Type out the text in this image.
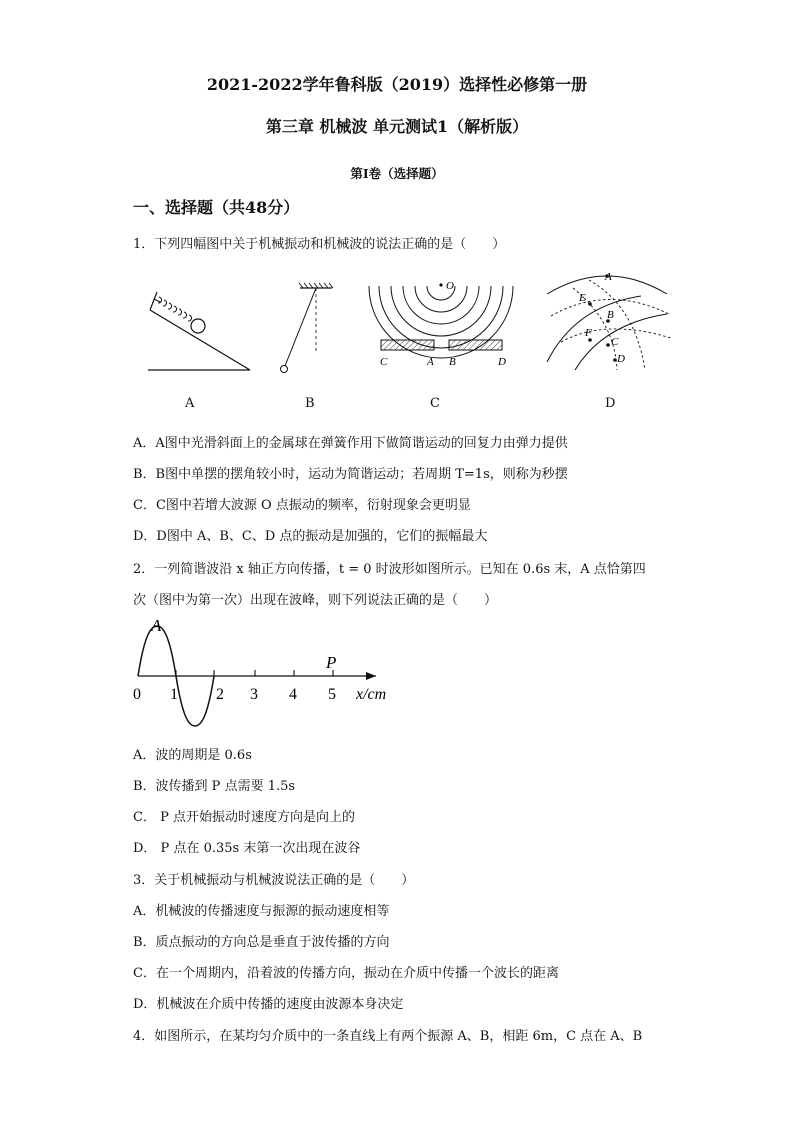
2021-2022学年鲁科版（2019）选择性必修第一册
第三章 机械波 单元测试1（解析版）
第Ⅰ卷（选择题）
一、选择题（共48分）
1．下列四幅图中关于机械振动和机械波的说法正确的是（　　）
A	B
O
C	A B	D
C
A
E
B
F
C
D
D
A．A图中光滑斜面上的金属球在弹簧作用下做简谐运动的回复力由弹力提供
B．B图中单摆的摆角较小时，运动为简谐运动；若周期 T=1s，则称为秒摆
C．C图中若增大波源 O 点振动的频率，衍射现象会更明显
D．D图中 A、B、C、D 点的振动是加强的，它们的振幅最大
2．一列简谐波沿 x 轴正方向传播，t = 0 时波形如图所示。已知在 0.6s 末，A 点恰第四
次（图中为第一次）出现在波峰，则下列说法正确的是（　　）
A
P
0 1 2 3 4 5 x/cm
A．波的周期是 0.6s
B．波传播到 P 点需要 1.5s
C． P 点开始振动时速度方向是向上的
D． P 点在 0.35s 末第一次出现在波谷
3．关于机械振动与机械波说法正确的是（　　）
A．机械波的传播速度与振源的振动速度相等
B．质点振动的方向总是垂直于波传播的方向
C．在一个周期内，沿着波的传播方向，振动在介质中传播一个波长的距离
D．机械波在介质中传播的速度由波源本身决定
4．如图所示，在某均匀介质中的一条直线上有两个振源 A、B，相距 6m，C 点在 A、B
